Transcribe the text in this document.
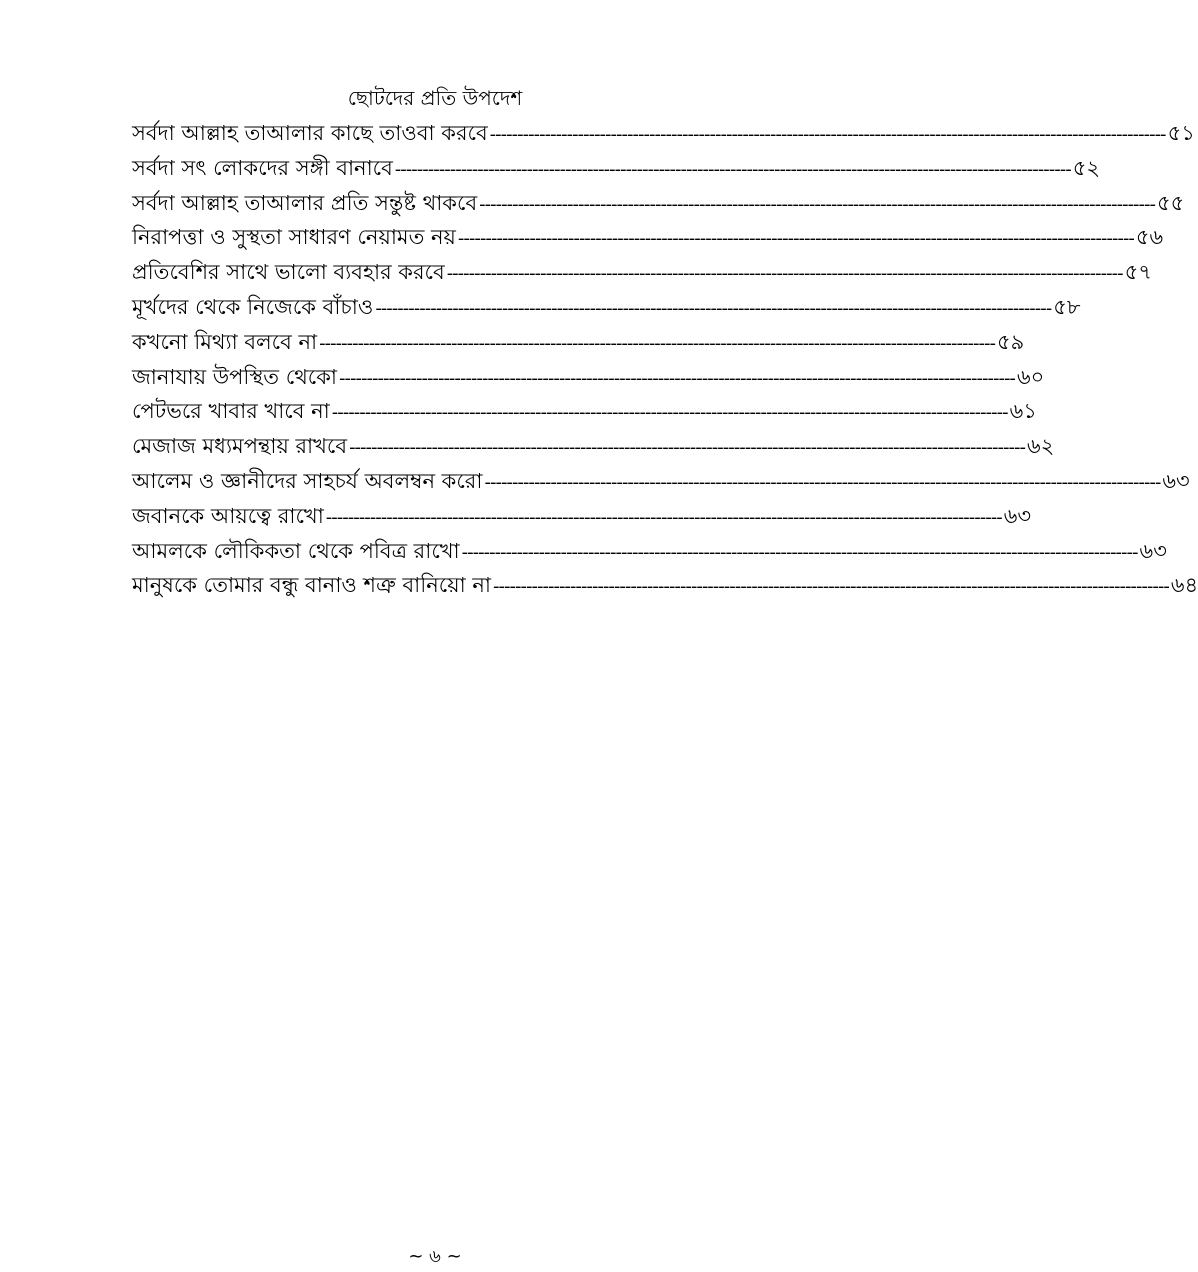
ছোটদের প্রতি উপদেশ
সর্বদা আল্লাহ তাআলার কাছে তাওবা করবে -----	৫১
সর্বদা সৎ লোকদের সঙ্গী বানাবে -----	৫২
সর্বদা আল্লাহ তাআলার প্রতি সন্তুষ্ট থাকবে -----	৫৫
নিরাপত্তা ও সুস্থতা সাধারণ নেয়ামত নয় -----	৫৬
প্রতিবেশির সাথে ভালো ব্যবহার করবে -----	৫৭
মূর্খদের থেকে নিজেকে বাঁচাও -----	৫৮
কখনো মিথ্যা বলবে না -----	৫৯
জানাযায় উপস্থিত থেকো -----	৬০
পেটভরে খাবার খাবে না -----	৬১
মেজাজ মধ্যমপন্থায় রাখবে -----	৬২
আলেম ও জ্ঞানীদের সাহচর্য অবলম্বন করো -----	৬৩
জবানকে আয়ত্বে রাখো -----	৬৩
আমলকে লৌকিকতা থেকে পবিত্র রাখো -----	৬৩
মানুষকে তোমার বন্ধু বানাও শত্রু বানিয়ো না -----	৬৪
~ ৬ ~
